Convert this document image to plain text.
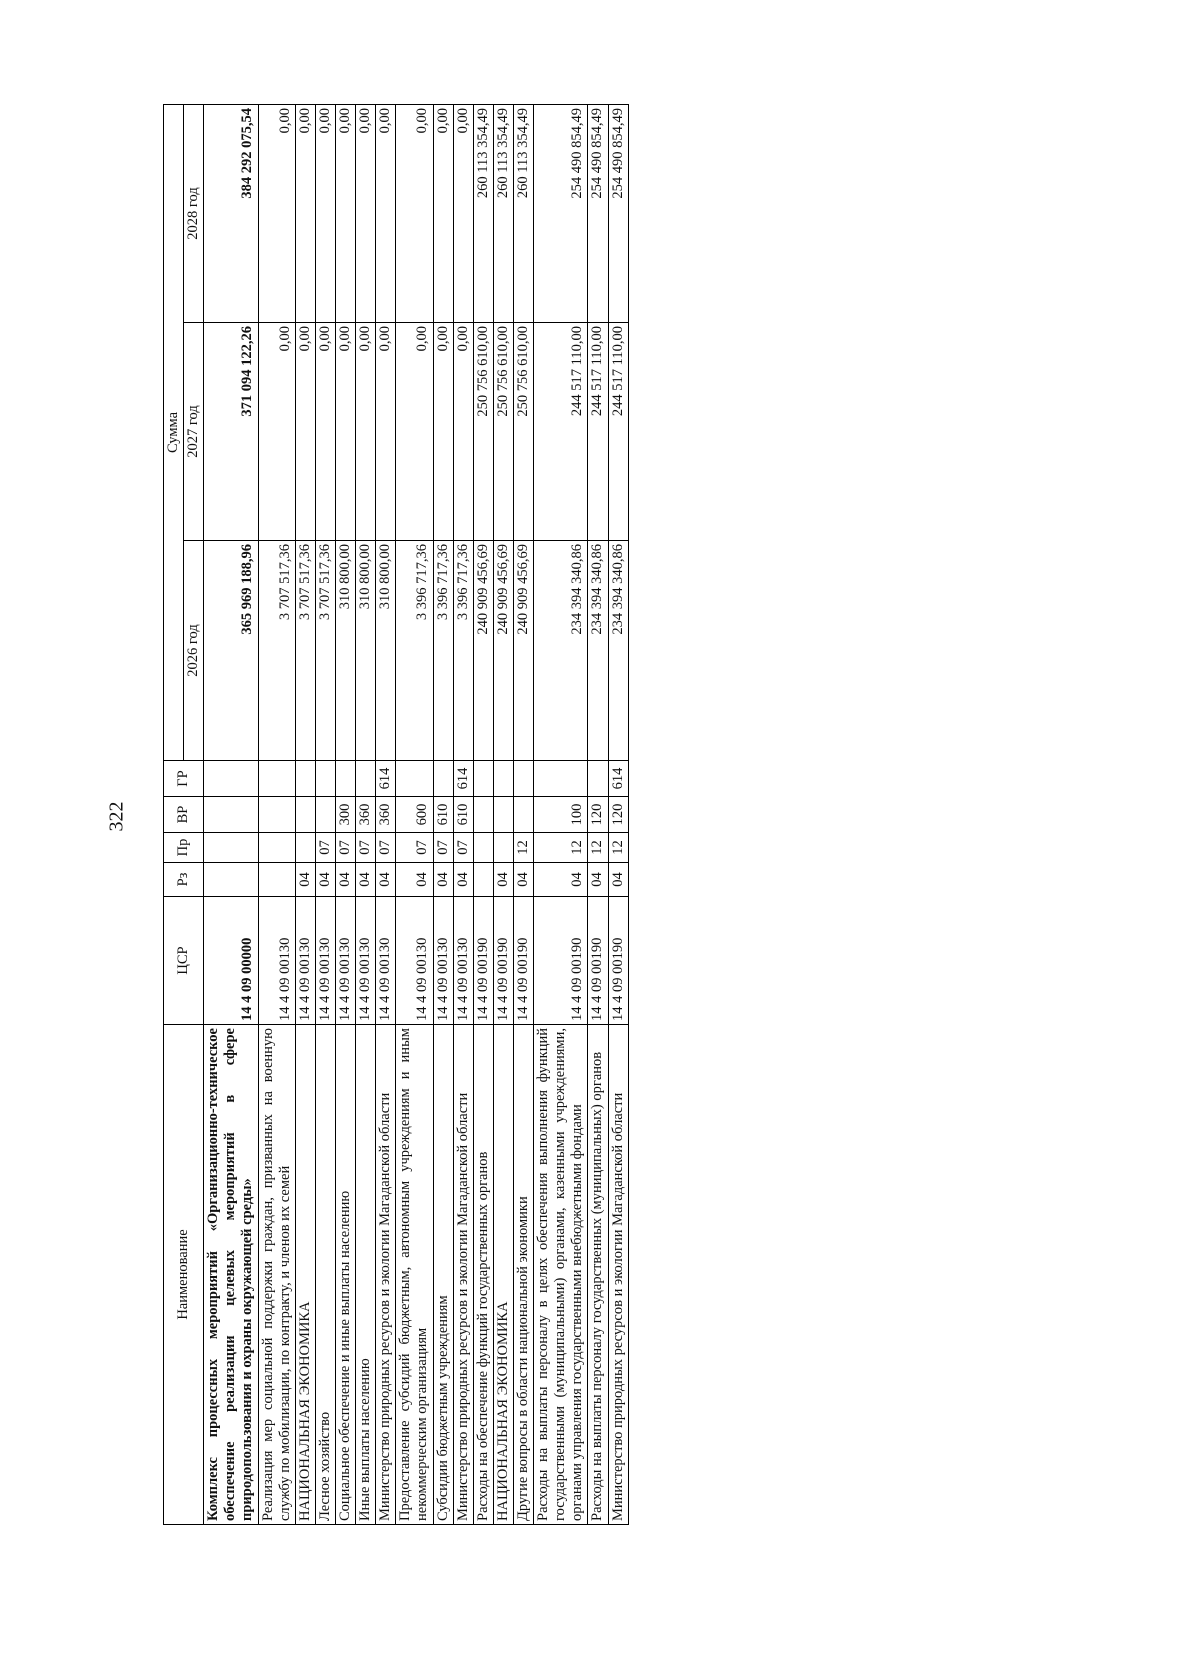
322
Наименование	ЦСР	Рз	Пр	ВР	ГР	Сумма		
						2026 год	2027 год	2028 год
Комплекс процессных мероприятий «Организационно-техническое обеспечение реализации целевых мероприятий в сфере природопользования и охраны окружающей среды»	14 4 09 00000					365 969 188,96	371 094 122,26	384 292 075,54
Реализация мер социальной поддержки граждан, призванных на военную службу по мобилизации, по контракту, и членов их семей	14 4 09 00130					3 707 517,36	0,00	0,00
НАЦИОНАЛЬНАЯ ЭКОНОМИКА	14 4 09 00130	04				3 707 517,36	0,00	0,00
Лесное хозяйство	14 4 09 00130	04	07			3 707 517,36	0,00	0,00
Социальное обеспечение и иные выплаты населению	14 4 09 00130	04	07	300		310 800,00	0,00	0,00
Иные выплаты населению	14 4 09 00130	04	07	360		310 800,00	0,00	0,00
Министерство природных ресурсов и экологии Магаданской области	14 4 09 00130	04	07	360	614	310 800,00	0,00	0,00
Предоставление субсидий бюджетным, автономным учреждениям и иным некоммерческим организациям	14 4 09 00130	04	07	600		3 396 717,36	0,00	0,00
Субсидии бюджетным учреждениям	14 4 09 00130	04	07	610		3 396 717,36	0,00	0,00
Министерство природных ресурсов и экологии Магаданской области	14 4 09 00130	04	07	610	614	3 396 717,36	0,00	0,00
Расходы на обеспечение функций государственных органов	14 4 09 00190					240 909 456,69	250 756 610,00	260 113 354,49
НАЦИОНАЛЬНАЯ ЭКОНОМИКА	14 4 09 00190	04				240 909 456,69	250 756 610,00	260 113 354,49
Другие вопросы в области национальной экономики	14 4 09 00190	04	12			240 909 456,69	250 756 610,00	260 113 354,49
Расходы на выплаты персоналу в целях обеспечения выполнения функций государственными (муниципальными) органами, казенными учреждениями, органами управления государственными внебюджетными фондами	14 4 09 00190	04	12	100		234 394 340,86	244 517 110,00	254 490 854,49
Расходы на выплаты персоналу государственных (муниципальных) органов	14 4 09 00190	04	12	120		234 394 340,86	244 517 110,00	254 490 854,49
Министерство природных ресурсов и экологии Магаданской области	14 4 09 00190	04	12	120	614	234 394 340,86	244 517 110,00	254 490 854,49
